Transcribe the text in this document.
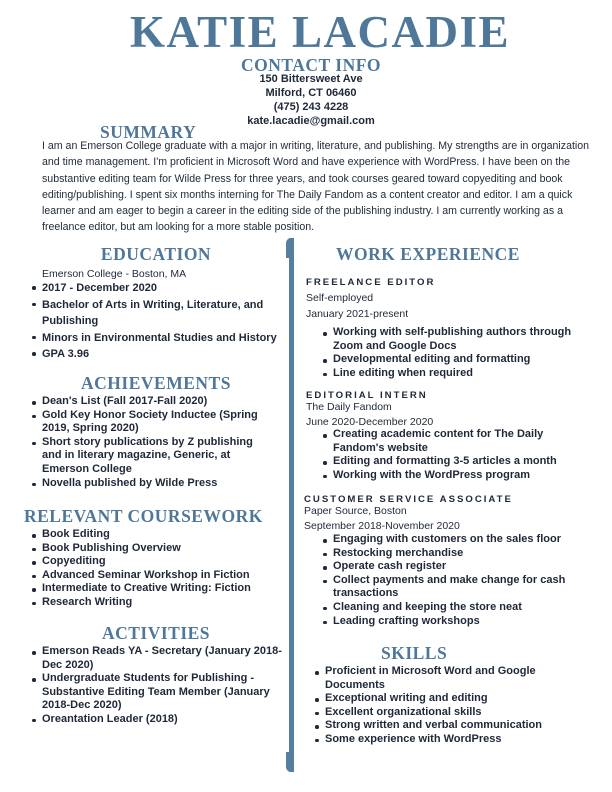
KATIE LACADIE
CONTACT INFO
150 Bittersweet Ave
Milford, CT 06460
(475) 243 4228
kate.lacadie@gmail.com
SUMMARY
I am an Emerson College graduate with a major in writing, literature, and publishing. My strengths are in organization and time management. I'm proficient in Microsoft Word and have experience with WordPress. I have been on the substantive editing team for Wilde Press for three years, and took courses geared toward copyediting and book editing/publishing. I spent six months interning for The Daily Fandom as a content creator and editor. I am a quick learner and am eager to begin a career in the editing side of the publishing industry. I am currently working as a freelance editor, but am looking for a more stable position.
EDUCATION
Emerson College - Boston, MA
2017 - December 2020
Bachelor of Arts in Writing, Literature, and Publishing
Minors in Environmental Studies and History
GPA 3.96
ACHIEVEMENTS
Dean's List (Fall 2017-Fall 2020)
Gold Key Honor Society Inductee (Spring 2019, Spring 2020)
Short story publications by Z publishing and in literary magazine, Generic, at Emerson College
Novella published by Wilde Press
RELEVANT COURSEWORK
Book Editing
Book Publishing Overview
Copyediting
Advanced Seminar Workshop in Fiction
Intermediate to Creative Writing: Fiction
Research Writing
ACTIVITIES
Emerson Reads YA - Secretary (January 2018-Dec 2020)
Undergraduate Students for Publishing - Substantive Editing Team Member (January 2018-Dec 2020)
Oreantation Leader (2018)
WORK EXPERIENCE
FREELANCE EDITOR
Self-employed
January 2021-present
Working with self-publishing authors through Zoom and Google Docs
Developmental editing and formatting
Line editing when required
EDITORIAL INTERN
The Daily Fandom
June 2020-December 2020
Creating academic content for The Daily Fandom's website
Editing and formatting 3-5 articles a month
Working with the WordPress program
CUSTOMER SERVICE ASSOCIATE
Paper Source, Boston
September 2018-November 2020
Engaging with customers on the sales floor
Restocking merchandise
Operate cash register
Collect payments and make change for cash transactions
Cleaning and keeping the store neat
Leading crafting workshops
SKILLS
Proficient in Microsoft Word and Google Documents
Exceptional writing and editing
Excellent organizational skills
Strong written and verbal communication
Some experience with WordPress
